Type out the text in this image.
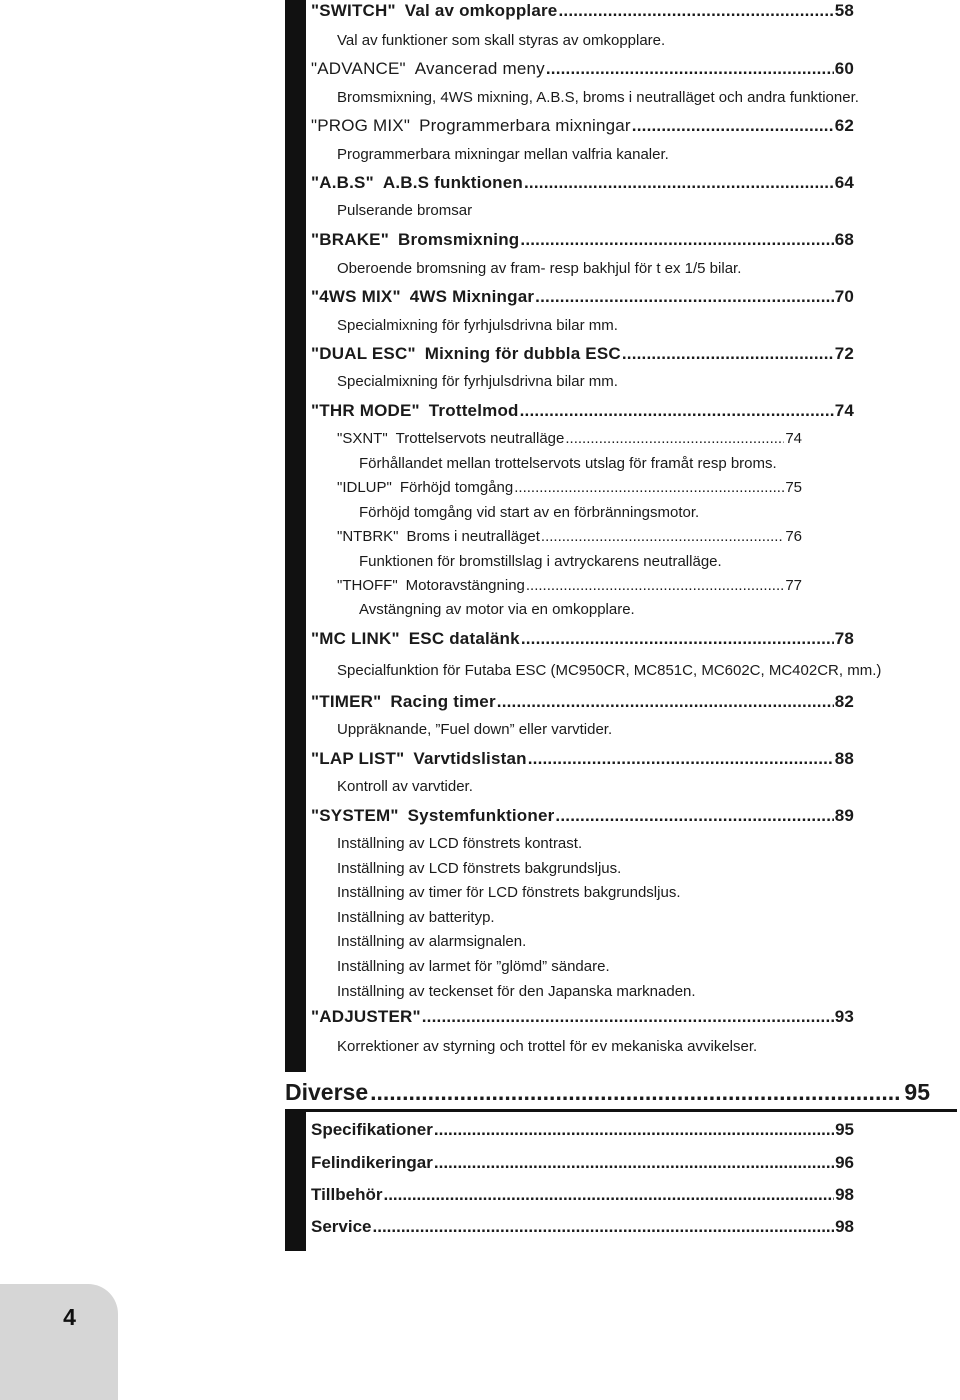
"SWITCH" Val av omkopplare .....	58
Val av funktioner som skall styras av omkopplare.
"ADVANCE" Avancerad meny .....	60
Bromsmixning, 4WS mixning, A.B.S, broms i neutralläget och andra funktioner.
"PROG MIX" Programmerbara mixningar .....	62
Programmerbara mixningar mellan valfria kanaler.
"A.B.S" A.B.S funktionen .....	64
Pulserande bromsar
"BRAKE" Bromsmixning .....	68
Oberoende bromsning av fram- resp bakhjul för t ex 1/5 bilar.
"4WS MIX" 4WS Mixningar .....	70
Specialmixning för fyrhjulsdrivna bilar mm.
"DUAL ESC" Mixning för dubbla ESC .....	72
Specialmixning för fyrhjulsdrivna bilar mm.
"THR MODE" Trottelmod .....	74
"SXNT" Trottelservots neutralläge .....	74
Förhållandet mellan trottelservots utslag för framåt resp broms.
"IDLUP" Förhöjd tomgång .....	75
Förhöjd tomgång vid start av en förbränningsmotor.
"NTBRK" Broms i neutralläget .....	76
Funktionen för bromstillslag i avtryckarens neutralläge.
"THOFF" Motoravstängning .....	77
Avstängning av motor via en omkopplare.
"MC LINK" ESC datalänk .....	78
Specialfunktion för Futaba ESC (MC950CR, MC851C, MC602C, MC402CR, mm.)
"TIMER" Racing timer .....	82
Uppräknande, ”Fuel down” eller varvtider.
"LAP LIST" Varvtidslistan .....	88
Kontroll av varvtider.
"SYSTEM" Systemfunktioner .....	89
Inställning av LCD fönstrets kontrast.
Inställning av LCD fönstrets bakgrundsljus.
Inställning av timer för LCD fönstrets bakgrundsljus.
Inställning av batterityp.
Inställning av alarmsignalen.
Inställning av larmet för ”glömd” sändare.
Inställning av teckenset för den Japanska marknaden.
"ADJUSTER" .....	93
Korrektioner av styrning och trottel för ev mekaniska avvikelser.
Diverse .....	95
Specifikationer .....	95
Felindikeringar .....	96
Tillbehör .....	98
Service .....	98
4
